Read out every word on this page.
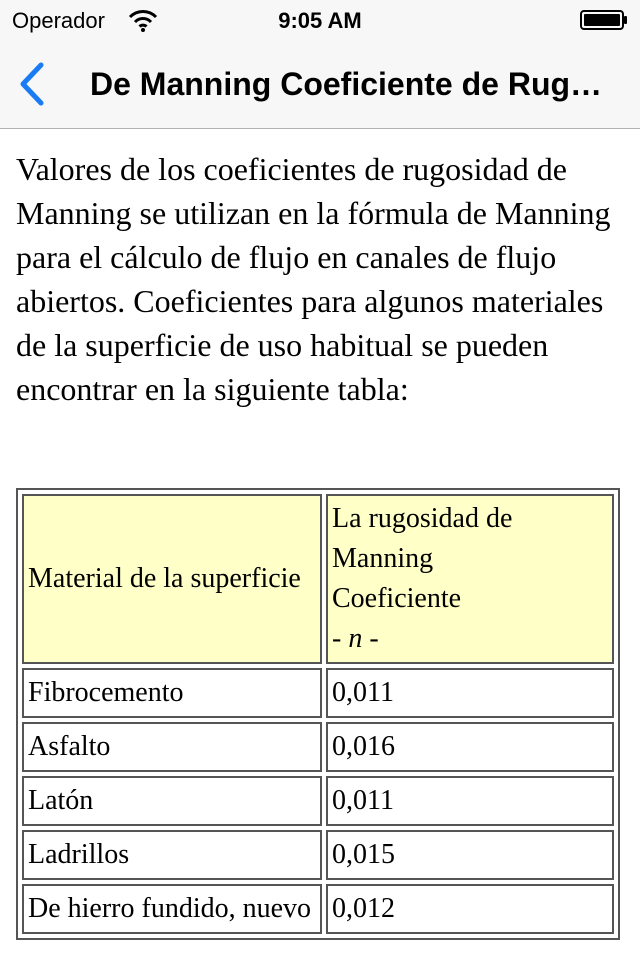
Operador	9:05 AM
De Manning Coeficiente de Rug…

Valores de los coeficientes de rugosidad de Manning se utilizan en la fórmula de Manning para el cálculo de flujo en canales de flujo abiertos. Coeficientes para algunos materiales de la superficie de uso habitual se pueden encontrar en la siguiente tabla:

Material de la superficie	La rugosidad de
Manning
Coeficiente
- n -

Fibrocemento	0,011
Asfalto	0,016
Latón	0,011
Ladrillos	0,015
De hierro fundido, nuevo	0,012
